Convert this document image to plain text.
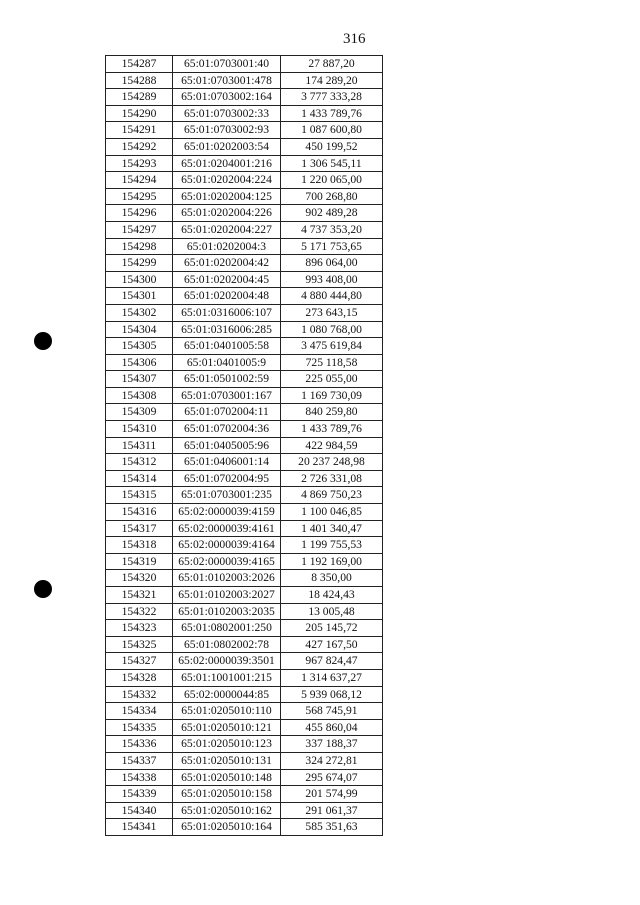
316
154287	65:01:0703001:40	27 887,20
154288	65:01:0703001:478	174 289,20
154289	65:01:0703002:164	3 777 333,28
154290	65:01:0703002:33	1 433 789,76
154291	65:01:0703002:93	1 087 600,80
154292	65:01:0202003:54	450 199,52
154293	65:01:0204001:216	1 306 545,11
154294	65:01:0202004:224	1 220 065,00
154295	65:01:0202004:125	700 268,80
154296	65:01:0202004:226	902 489,28
154297	65:01:0202004:227	4 737 353,20
154298	65:01:0202004:3	5 171 753,65
154299	65:01:0202004:42	896 064,00
154300	65:01:0202004:45	993 408,00
154301	65:01:0202004:48	4 880 444,80
154302	65:01:0316006:107	273 643,15
154304	65:01:0316006:285	1 080 768,00
154305	65:01:0401005:58	3 475 619,84
154306	65:01:0401005:9	725 118,58
154307	65:01:0501002:59	225 055,00
154308	65:01:0703001:167	1 169 730,09
154309	65:01:0702004:11	840 259,80
154310	65:01:0702004:36	1 433 789,76
154311	65:01:0405005:96	422 984,59
154312	65:01:0406001:14	20 237 248,98
154314	65:01:0702004:95	2 726 331,08
154315	65:01:0703001:235	4 869 750,23
154316	65:02:0000039:4159	1 100 046,85
154317	65:02:0000039:4161	1 401 340,47
154318	65:02:0000039:4164	1 199 755,53
154319	65:02:0000039:4165	1 192 169,00
154320	65:01:0102003:2026	8 350,00
154321	65:01:0102003:2027	18 424,43
154322	65:01:0102003:2035	13 005,48
154323	65:01:0802001:250	205 145,72
154325	65:01:0802002:78	427 167,50
154327	65:02:0000039:3501	967 824,47
154328	65:01:1001001:215	1 314 637,27
154332	65:02:0000044:85	5 939 068,12
154334	65:01:0205010:110	568 745,91
154335	65:01:0205010:121	455 860,04
154336	65:01:0205010:123	337 188,37
154337	65:01:0205010:131	324 272,81
154338	65:01:0205010:148	295 674,07
154339	65:01:0205010:158	201 574,99
154340	65:01:0205010:162	291 061,37
154341	65:01:0205010:164	585 351,63
